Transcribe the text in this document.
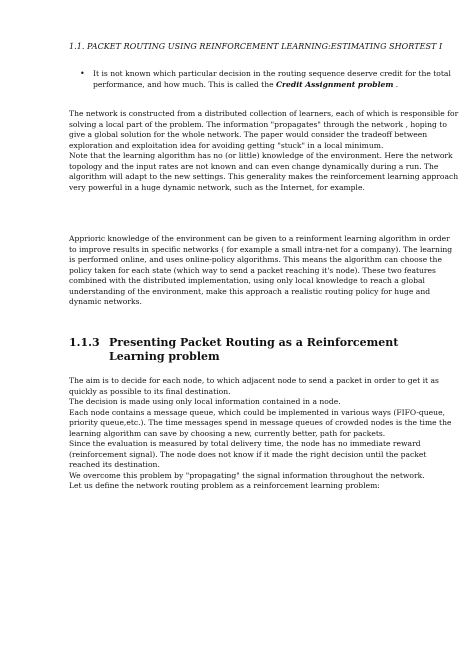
1.1. PACKET ROUTING USING REINFORCEMENT LEARNING:ESTIMATING SHORTEST I
• It is not known which particular decision in the routing sequence deserve credit for the total performance, and how much. This is called the Credit Assignment problem .

The network is constructed from a distributed collection of learners, each of which is responsible for solving a local part of the problem. The information "propagates" through the network , hoping to give a global solution for the whole network. The paper would consider the tradeoff between exploration and exploitation idea for avoiding getting "stuck" in a local minimum.

Note that the learning algorithm has no (or little) knowledge of the environment. Here the network topology and the input rates are not known and can even change dynamically during a run. The algorithm will adapt to the new settings. This generality makes the reinforcement learning approach very powerful in a huge dynamic network, such as the Internet, for example.

Apprioric knowledge of the environment can be given to a reinforment learning algorithm in order to improve results in specific networks ( for example a small intra-net for a company). The learning is performed online, and uses online-policy algorithms. This means the algorithm can choose the policy taken for each state (which way to send a packet reaching it's node). These two features combined with the distributed implementation, using only local knowledge to reach a global understanding of the environment, make this approach a realistic routing policy for huge and dynamic networks.

1.1.3 Presenting Packet Routing as a Reinforcement Learning problem

The aim is to decide for each node, to which adjacent node to send a packet in order to get it as quickly as possible to its final destination.

The decision is made using only local information contained in a node.

Each node contains a message queue, which could be implemented in various ways (FIFO-queue, priority queue,etc.). The time messages spend in message queues of crowded nodes is the time the learning algorithm can save by choosing a new, currently better, path for packets.

Since the evaluation is measured by total delivery time, the node has no immediate reward (reinforcement signal). The node does not know if it made the right decision until the packet reached its destination.

We overcome this problem by "propagating" the signal information throughout the network.

Let us define the network routing problem as a reinforcement learning problem:
